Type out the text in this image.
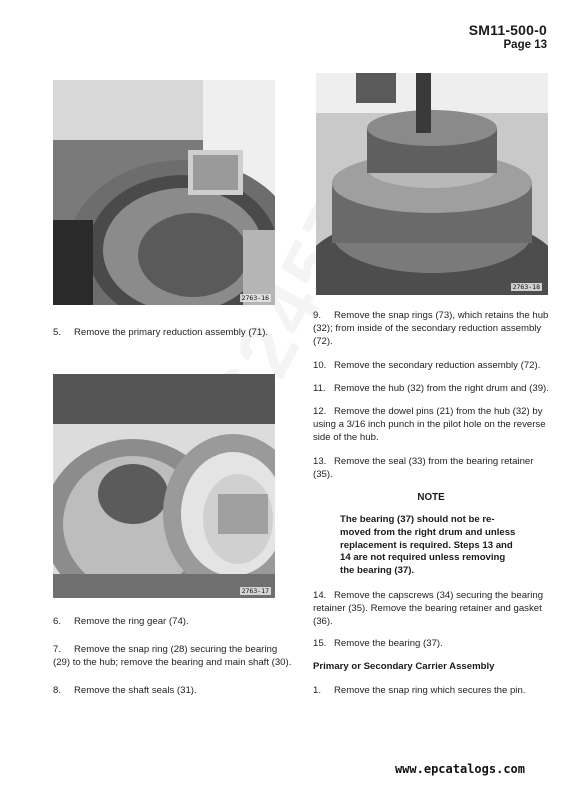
SM11-500-0
Page 13
2763-16
2763-18
2763-17
5. Remove the primary reduction assembly (71).
6. Remove the ring gear (74).
7. Remove the snap ring (28) securing the bearing
(29) to the hub; remove the bearing and main shaft (30).
8. Remove the shaft seals (31).
9. Remove the snap rings (73), which retains the hub
(32); from inside of the secondary reduction assembly
(72).
10. Remove the secondary reduction assembly (72).
11. Remove the hub (32) from the right drum and (39).
12. Remove the dowel pins (21) from the hub (32) by
using a 3/16 inch punch in the pilot hole on the reverse
side of the hub.
13. Remove the seal (33) from the bearing retainer
(35).
NOTE
The bearing (37) should not be re-
moved from the right drum and unless
replacement is required. Steps 13 and
14 are not required unless removing
the bearing (37).
14. Remove the capscrews (34) securing the bearing
retainer (35). Remove the bearing retainer and gasket
(36).
15. Remove the bearing (37).
Primary or Secondary Carrier Assembly
1. Remove the snap ring which secures the pin.
www.epcatalogs.com
